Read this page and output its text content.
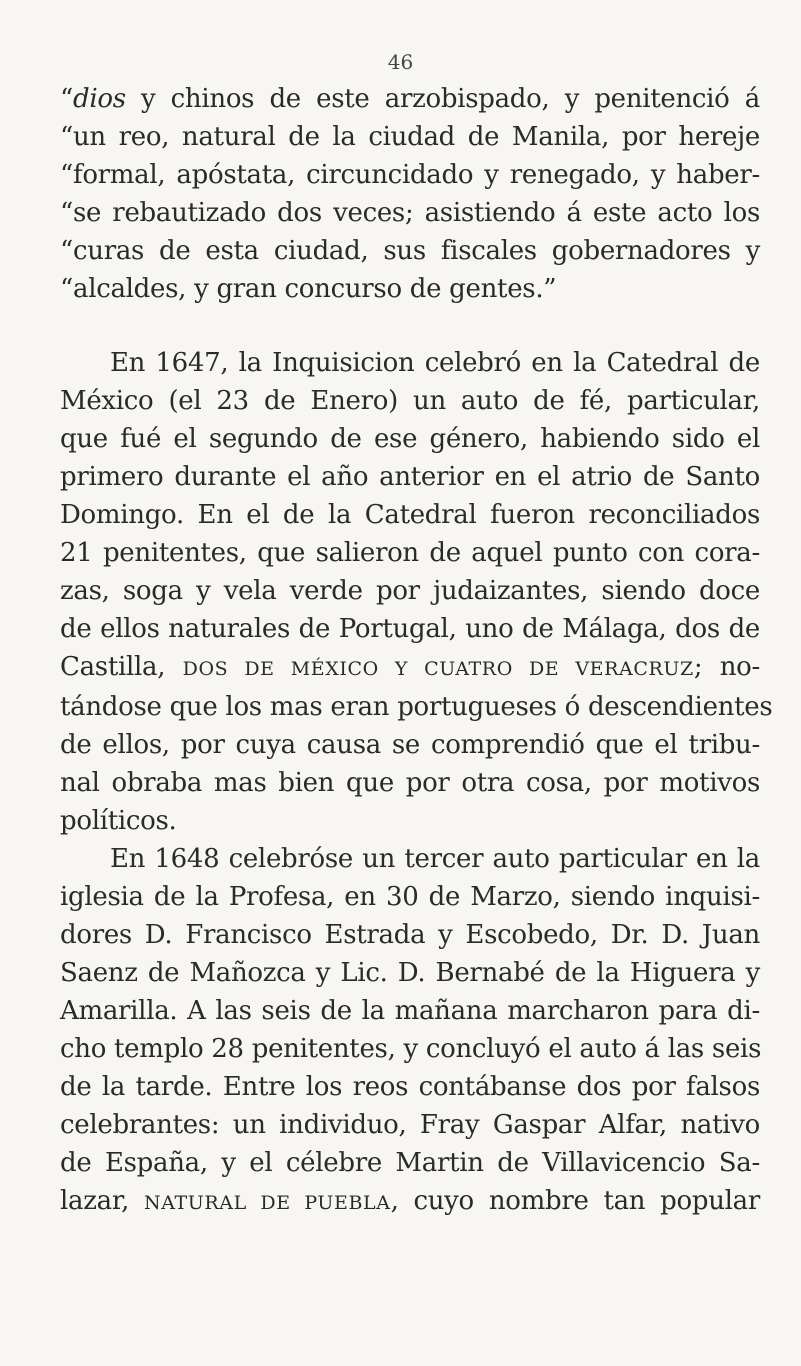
46
“dios y chinos de este arzobispado, y penitenció á
“un reo, natural de la ciudad de Manila, por hereje
“formal, apóstata, circuncidado y renegado, y haber-
“se rebautizado dos veces; asistiendo á este acto los
“curas de esta ciudad, sus fiscales gobernadores y
“alcaldes, y gran concurso de gentes.”
En 1647, la Inquisicion celebró en la Catedral de
México (el 23 de Enero) un auto de fé, particular,
que fué el segundo de ese género, habiendo sido el
primero durante el año anterior en el atrio de Santo
Domingo. En el de la Catedral fueron reconciliados
21 penitentes, que salieron de aquel punto con cora-
zas, soga y vela verde por judaizantes, siendo doce
de ellos naturales de Portugal, uno de Málaga, dos de
Castilla, DOS DE MÉXICO Y CUATRO DE VERACRUZ; no-
tándose que los mas eran portugueses ó descendientes
de ellos, por cuya causa se comprendió que el tribu-
nal obraba mas bien que por otra cosa, por motivos
políticos.
En 1648 celebróse un tercer auto particular en la
iglesia de la Profesa, en 30 de Marzo, siendo inquisi-
dores D. Francisco Estrada y Escobedo, Dr. D. Juan
Saenz de Mañozca y Lic. D. Bernabé de la Higuera y
Amarilla. A las seis de la mañana marcharon para di-
cho templo 28 penitentes, y concluyó el auto á las seis
de la tarde. Entre los reos contábanse dos por falsos
celebrantes: un individuo, Fray Gaspar Alfar, nativo
de España, y el célebre Martin de Villavicencio Sa-
lazar, NATURAL DE PUEBLA, cuyo nombre tan popular
